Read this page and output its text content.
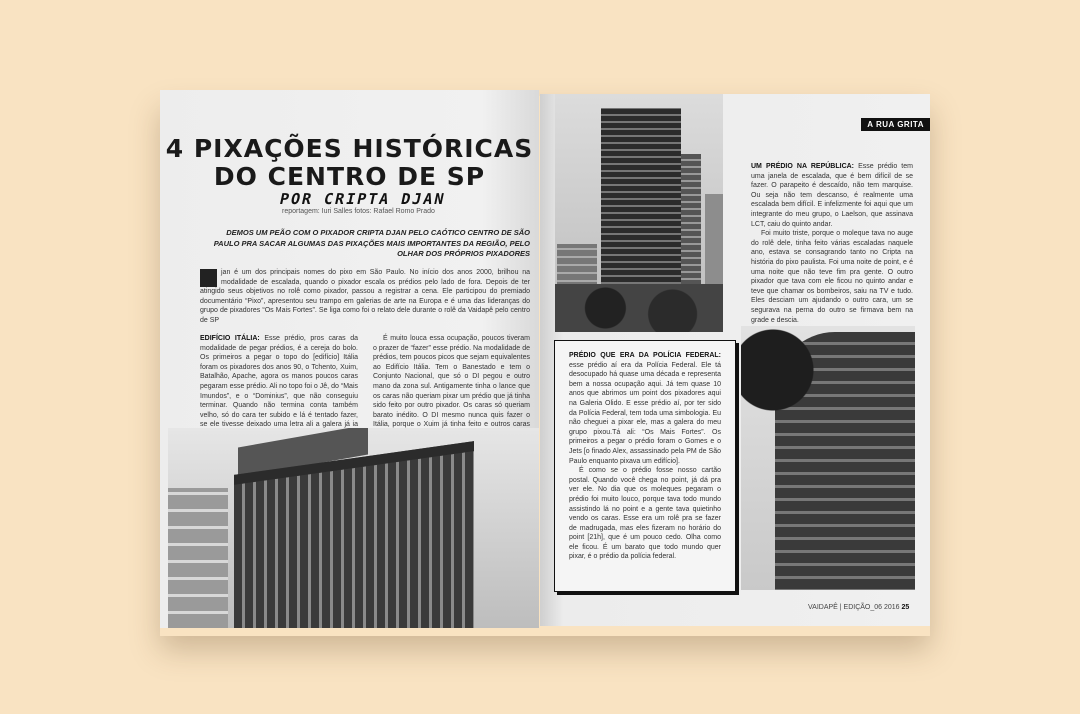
4 PIXAÇÕES HISTÓRICAS
DO CENTRO DE SP
POR CRIPTA DJAN
reportagem: Iuri Salles fotos: Rafael Romo Prado
DEMOS UM PEÃO COM O PIXADOR CRIPTA DJAN PELO CAÓTICO CENTRO DE SÃO PAULO PRA SACAR ALGUMAS DAS PIXAÇÕES MAIS IMPORTANTES DA REGIÃO, PELO OLHAR DOS PRÓPRIOS PIXADORES
jan é um dos principais nomes do pixo em São Paulo. No início dos anos 2000, brilhou na modalidade de escalada, quando o pixador escala os prédios pelo lado de fora. Depois de ter atingido seus objetivos no rolê como pixador, passou a registrar a cena. Ele participou do premiado documentário “Pixo”, apresentou seu trampo em galerias de arte na Europa e é uma das lideranças do grupo de pixadores “Os Mais Fortes”. Se liga como foi o relato dele durante o rolê da Vaidapê pelo centro de SP
EDIFÍCIO ITÁLIA: Esse prédio, pros caras da modalidade de pegar prédios, é a cereja do bolo. Os primeiros a pegar o topo do [edifício] Itália foram os pixadores dos anos 90, o Tchento, Xuim, Batalhão, Apache, agora os manos poucos caras pegaram esse prédio. Ali no topo foi o Jê, do “Mais Imundos”, e o “Dominius”, que não conseguiu terminar. Quando não termina conta também velho, só do cara ter subido e lá é tentado fazer, se ele tivesse deixado uma letra ali a galera já ia
É muito louca essa ocupação, poucos tiveram o prazer de “fazer” esse prédio. Na modalidade de prédios, tem poucos picos que sejam equivalentes ao Edifício Itália. Tem o Banestado e tem o Conjunto Nacional, que só o DI pegou e outro mano da zona sul. Antigamente tinha o lance que os caras não queriam pixar um prédio que já tinha sido feito por outro pixador. Os caras só queriam barato inédito. O DI mesmo nunca quis fazer o Itália, porque o Xuim já tinha feito e outros caras
A RUA GRITA

UM PRÉDIO NA REPÚBLICA: Esse prédio tem uma janela de escalada, que é bem difícil de se fazer. O parapeito é descaído, não tem marquise. Ou seja não tem descanso, é realmente uma escalada bem difícil. E infelizmente foi aqui que um integrante do meu grupo, o Laelson, que assinava LCT, caiu do quinto andar.

Foi muito triste, porque o moleque tava no auge do rolê dele, tinha feito várias escaladas naquele ano, estava se consagrando tanto no Cripta na história do pixo paulista. Foi uma noite de point, e é uma noite que não teve fim pra gente. O outro pixador que tava com ele ficou no quinto andar e teve que chamar os bombeiros, saiu na TV e tudo. Eles desciam um ajudando o outro cara, um se segurava na perna do outro se firmava bem na grade e descia.

PRÉDIO QUE ERA DA POLÍCIA FEDERAL: esse prédio aí era da Polícia Federal. Ele tá desocupado há quase uma década e representa bem a nossa ocupação aqui. Já tem quase 10 anos que abrimos um point dos pixadores aqui na Galeria Olido. E esse prédio aí, por ter sido da Polícia Federal, tem toda uma simbologia. Eu não cheguei a pixar ele, mas a galera do meu grupo pixou.Tá ali: “Os Mais Fortes”. Os primeiros a pegar o prédio foram o Gomes e o Jets [o finado Alex, assassinado pela PM de São Paulo enquanto pixava um edifício].

É como se o prédio fosse nosso cartão postal. Quando você chega no point, já dá pra ver ele. No dia que os moleques pegaram o prédio foi muito louco, porque tava todo mundo assistindo lá no point e a gente tava quietinho vendo os caras. Esse era um rolê pra se fazer de madrugada, mas eles fizeram no horário do point [21h], que é um pouco cedo. Olha como ele ficou. É um barato que todo mundo quer pixar, é o prédio da polícia federal.

VAIDAPÊ | EDIÇÃO_06 2016 25
